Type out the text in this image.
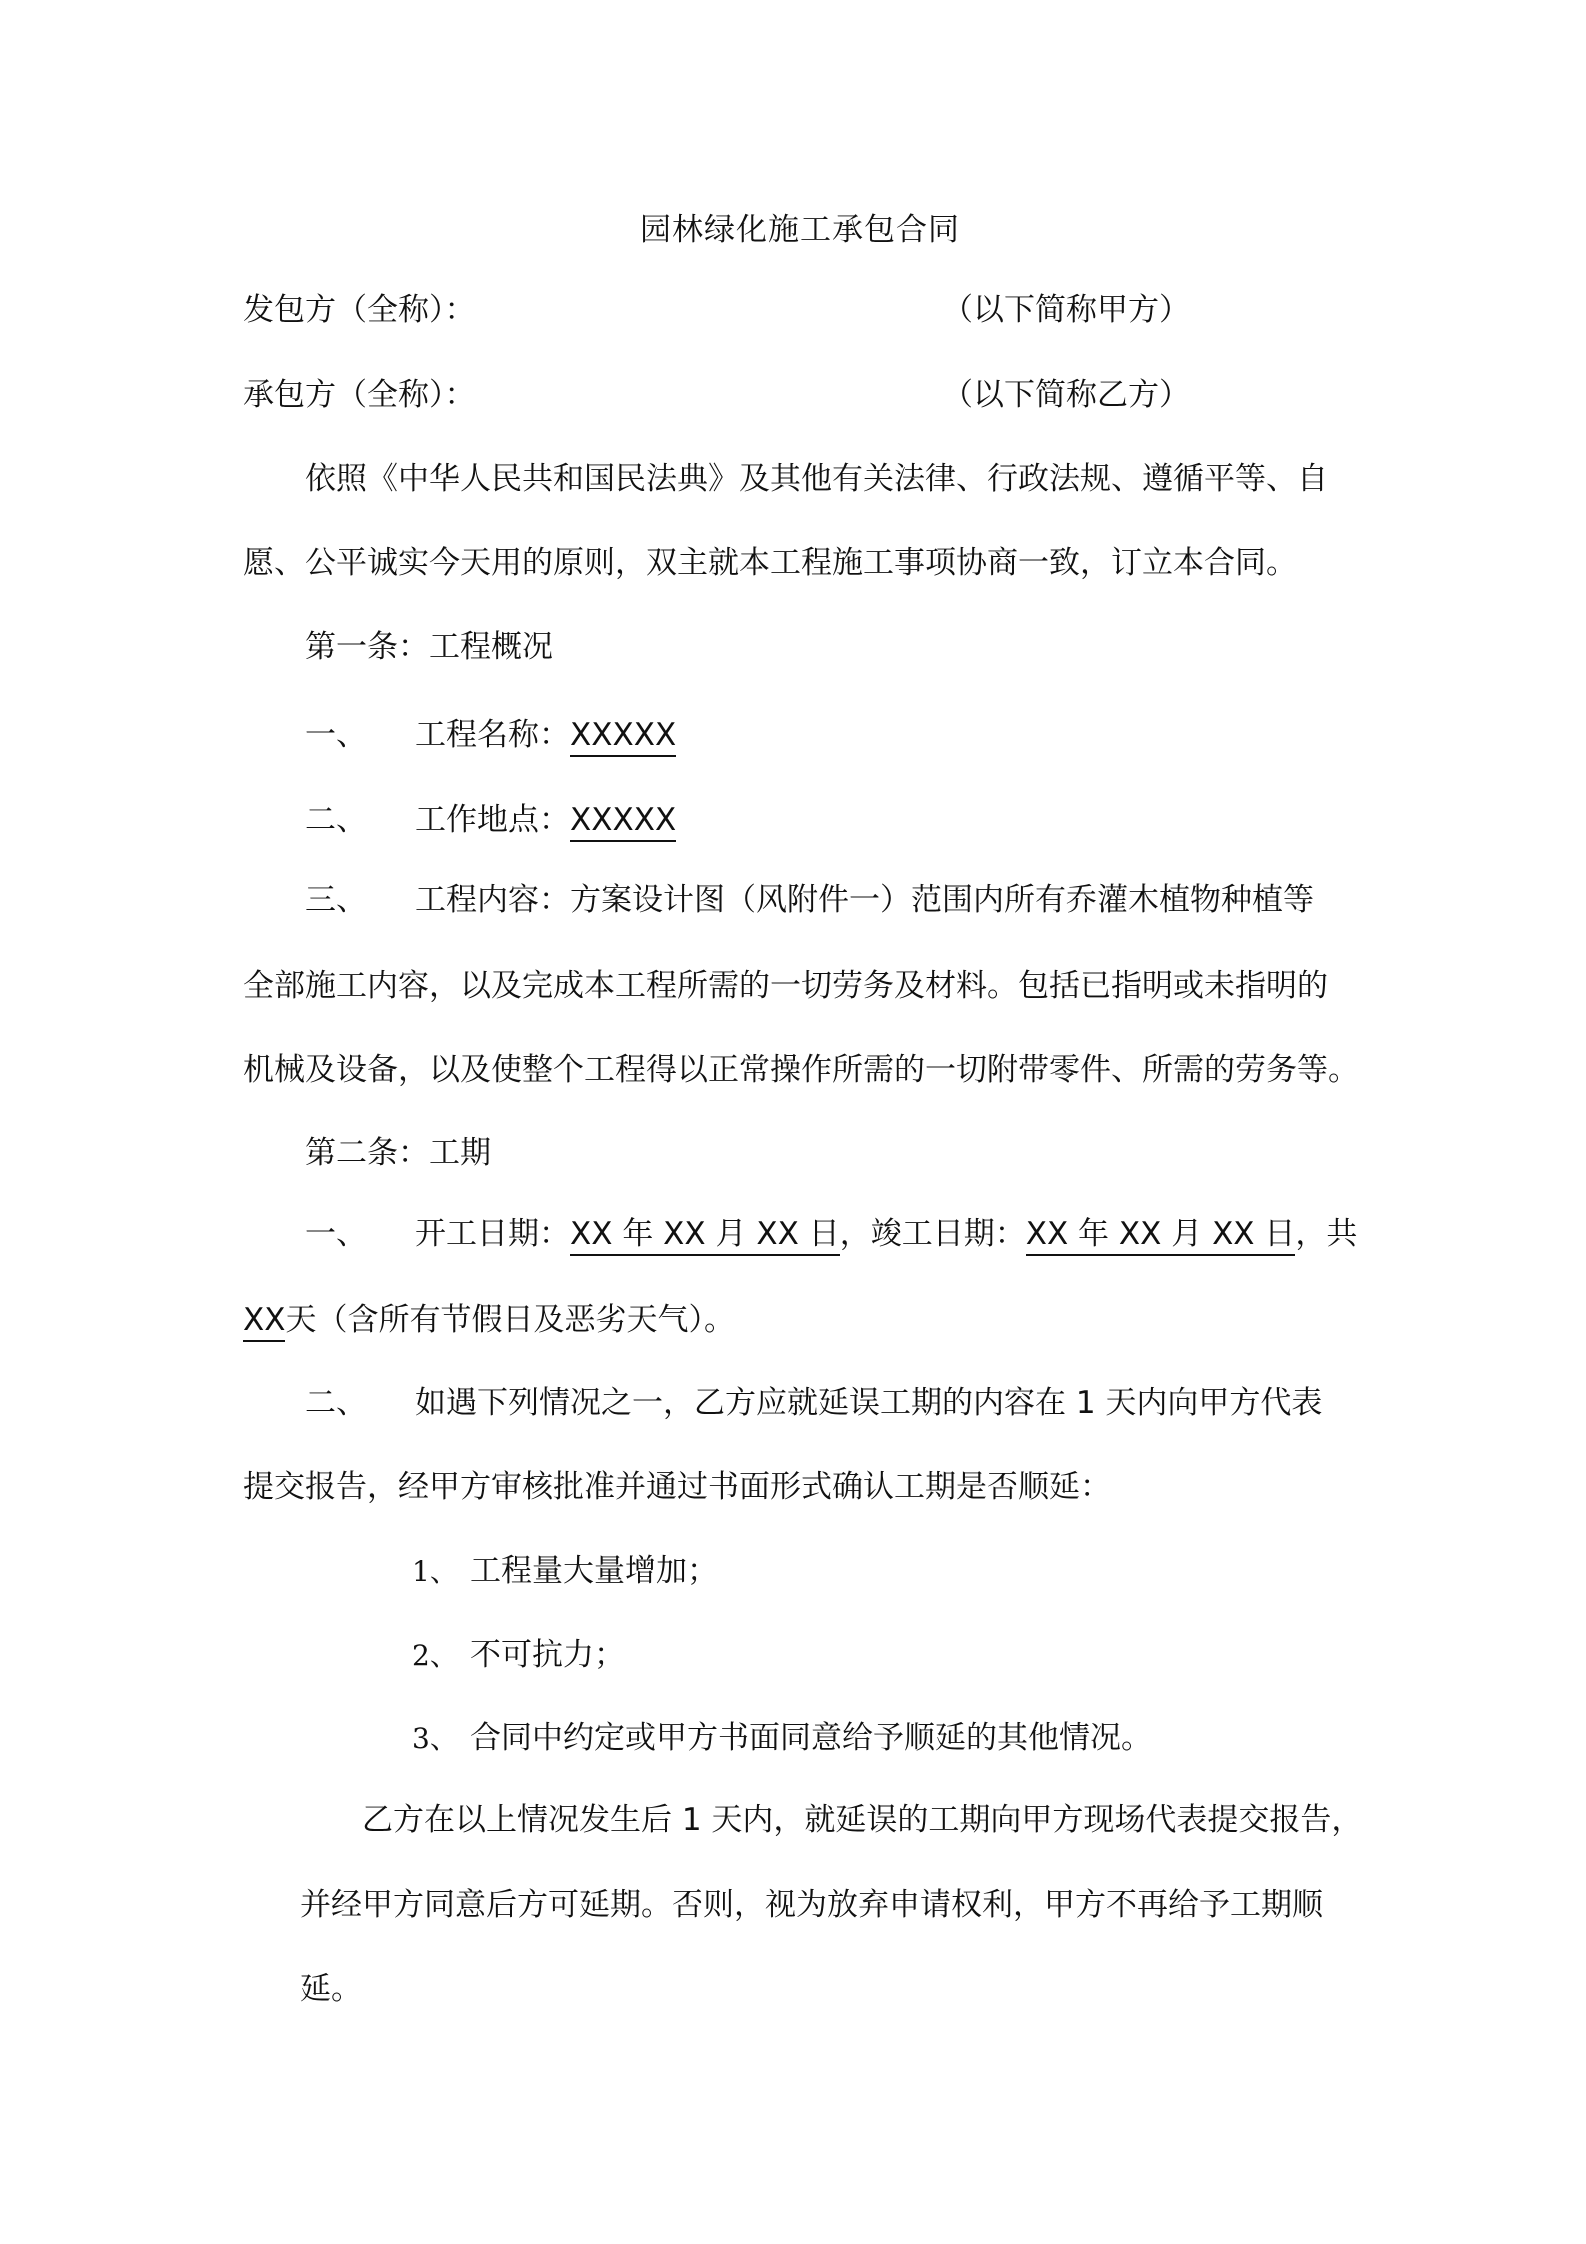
园林绿化施工承包合同
发包方（全称）：	（以下简称甲方）
承包方（全称）：	（以下简称乙方）
依照《中华人民共和国民法典》及其他有关法律、行政法规、遵循平等、自
愿、公平诚实今天用的原则，双主就本工程施工事项协商一致，订立本合同。
第一条：工程概况
一、 工程名称：XXXXX
二、 工作地点：XXXXX
三、 工程内容：方案设计图（风附件一）范围内所有乔灌木植物种植等
全部施工内容，以及完成本工程所需的一切劳务及材料。包括已指明或未指明的
机械及设备，以及使整个工程得以正常操作所需的一切附带零件、所需的劳务等。
第二条：工期
一、 开工日期：XX 年 XX 月 XX 日，竣工日期：XX 年 XX 月 XX 日，共
XX天（含所有节假日及恶劣天气）。
二、 如遇下列情况之一，乙方应就延误工期的内容在 1 天内向甲方代表
提交报告，经甲方审核批准并通过书面形式确认工期是否顺延：
1、 工程量大量增加；
2、 不可抗力；
3、 合同中约定或甲方书面同意给予顺延的其他情况。
乙方在以上情况发生后 1 天内，就延误的工期向甲方现场代表提交报告，
并经甲方同意后方可延期。否则，视为放弃申请权利，甲方不再给予工期顺
延。
